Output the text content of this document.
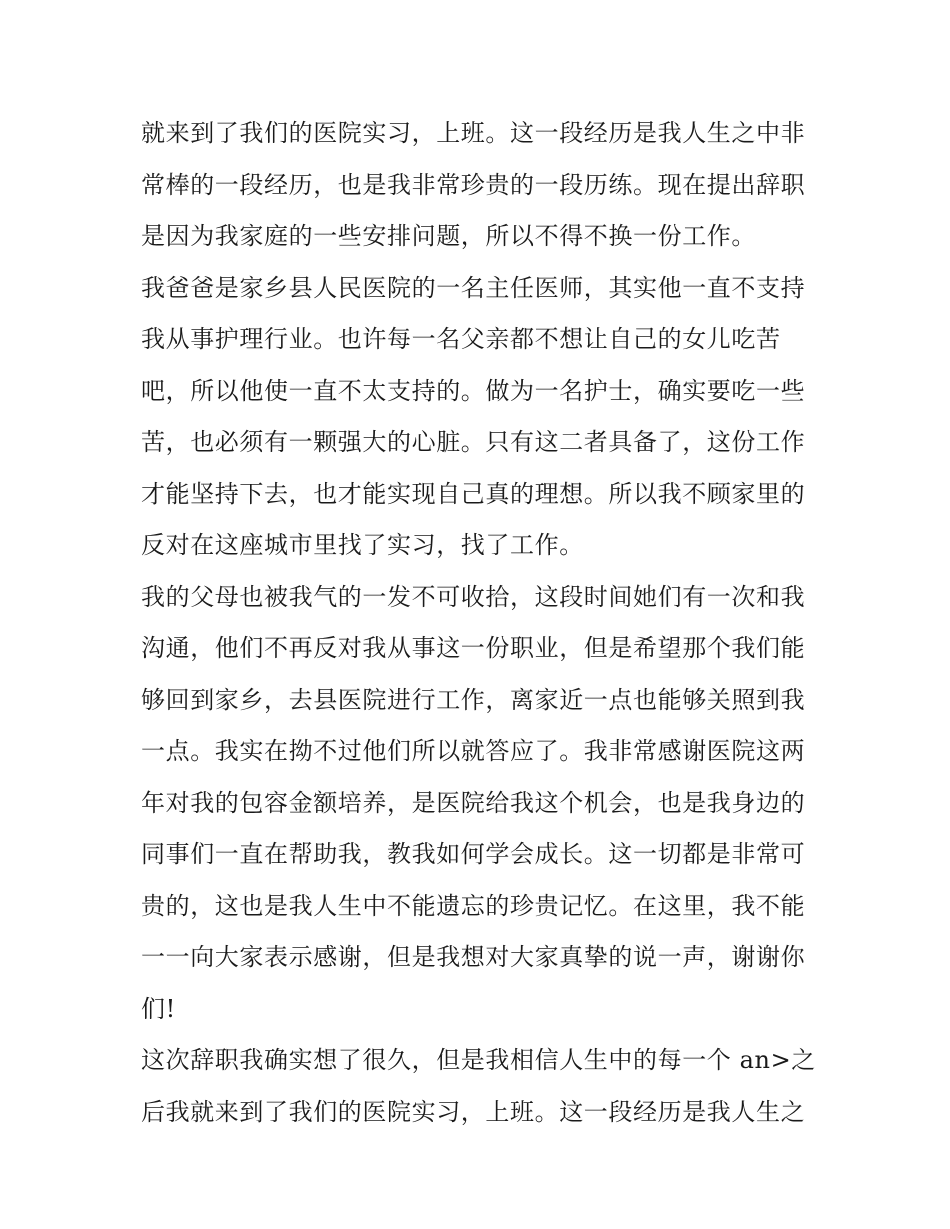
就来到了我们的医院实习，上班。这一段经历是我人生之中非
常棒的一段经历，也是我非常珍贵的一段历练。现在提出辞职
是因为我家庭的一些安排问题，所以不得不换一份工作。
我爸爸是家乡县人民医院的一名主任医师，其实他一直不支持
我从事护理行业。也许每一名父亲都不想让自己的女儿吃苦
吧，所以他使一直不太支持的。做为一名护士，确实要吃一些
苦，也必须有一颗强大的心脏。只有这二者具备了，这份工作
才能坚持下去，也才能实现自己真的理想。所以我不顾家里的
反对在这座城市里找了实习，找了工作。
我的父母也被我气的一发不可收拾，这段时间她们有一次和我
沟通，他们不再反对我从事这一份职业，但是希望那个我们能
够回到家乡，去县医院进行工作，离家近一点也能够关照到我
一点。我实在拗不过他们所以就答应了。我非常感谢医院这两
年对我的包容金额培养，是医院给我这个机会，也是我身边的
同事们一直在帮助我，教我如何学会成长。这一切都是非常可
贵的，这也是我人生中不能遗忘的珍贵记忆。在这里，我不能
一一向大家表示感谢，但是我想对大家真挚的说一声，谢谢你
们!
这次辞职我确实想了很久，但是我相信人生中的每一个 an>之
后我就来到了我们的医院实习，上班。这一段经历是我人生之
